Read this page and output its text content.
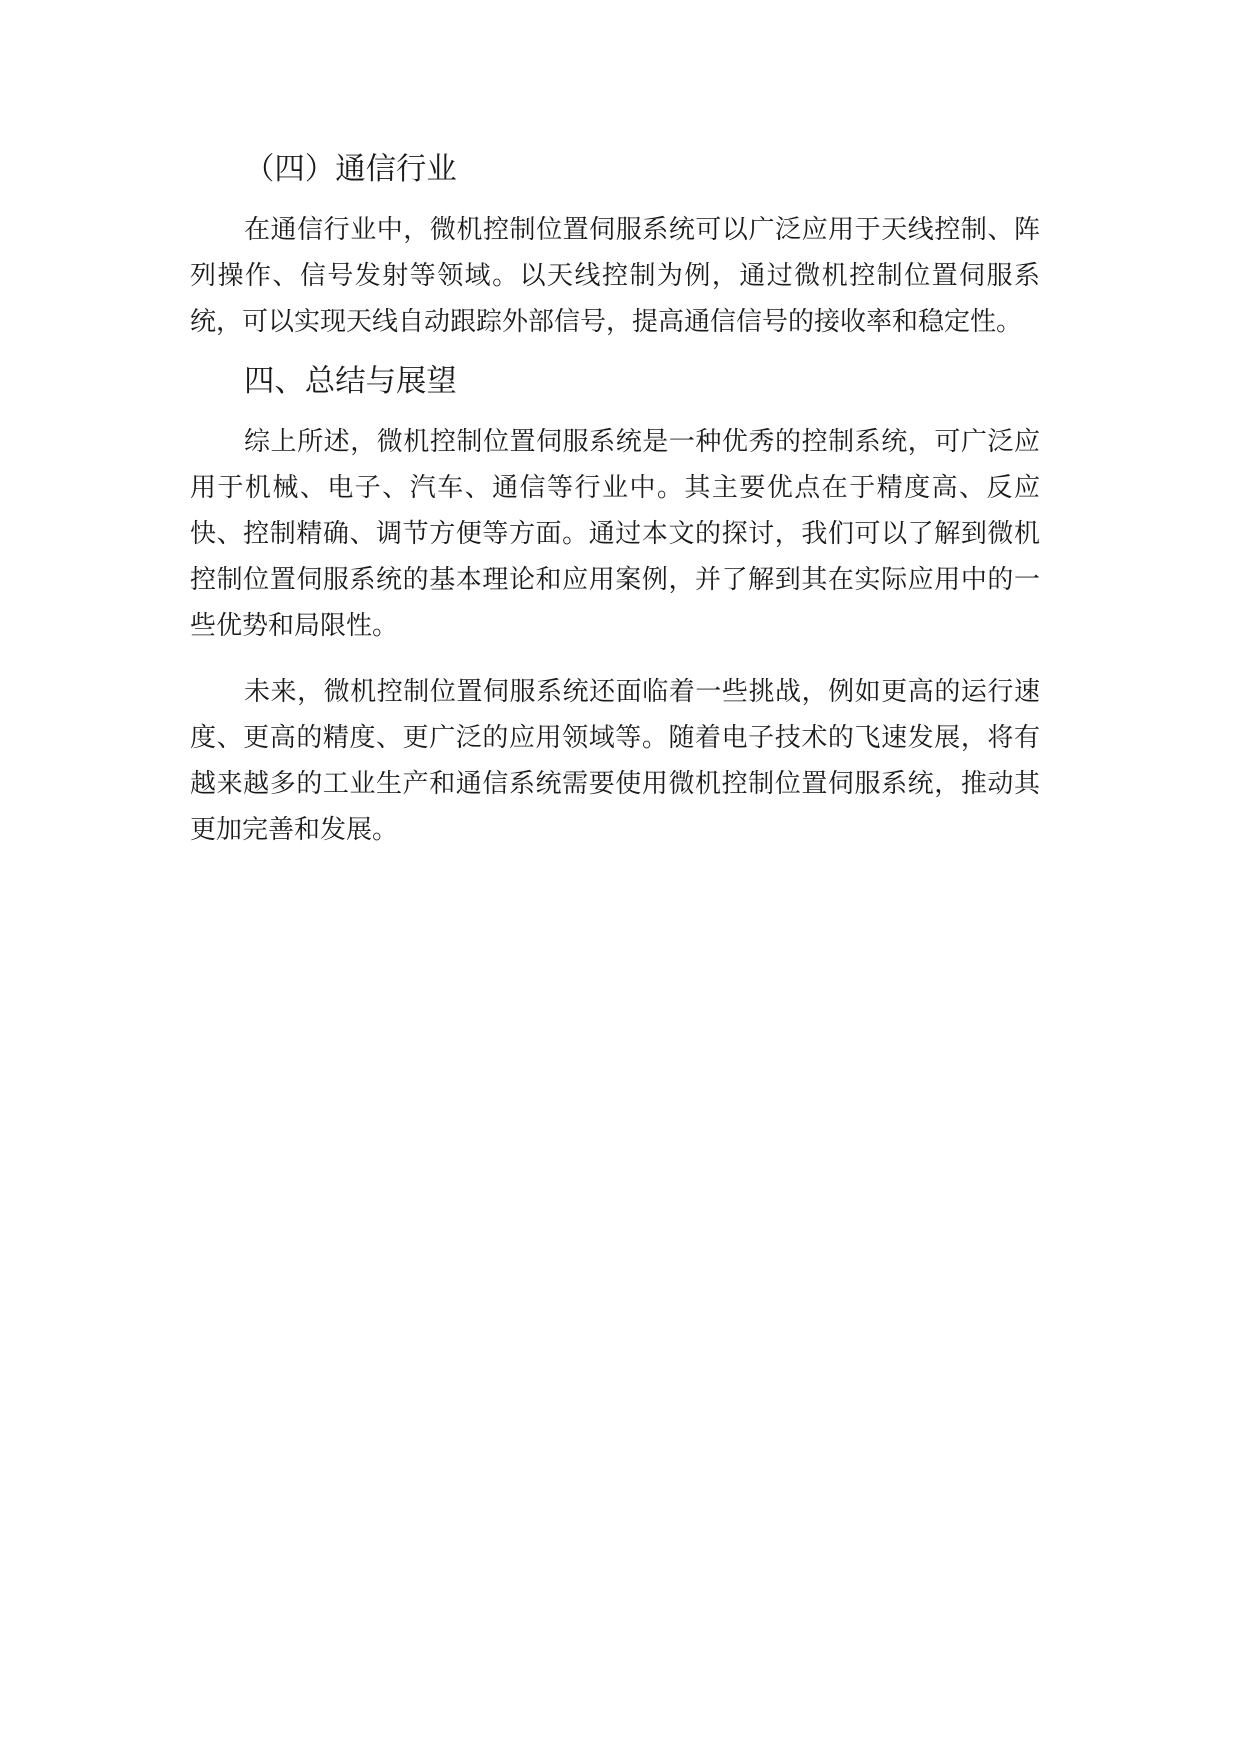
（四）通信行业

在通信行业中，微机控制位置伺服系统可以广泛应用于天线控制、阵列操作、信号发射等领域。以天线控制为例，通过微机控制位置伺服系统，可以实现天线自动跟踪外部信号，提高通信信号的接收率和稳定性。

四、总结与展望

综上所述，微机控制位置伺服系统是一种优秀的控制系统，可广泛应用于机械、电子、汽车、通信等行业中。其主要优点在于精度高、反应快、控制精确、调节方便等方面。通过本文的探讨，我们可以了解到微机控制位置伺服系统的基本理论和应用案例，并了解到其在实际应用中的一些优势和局限性。

未来，微机控制位置伺服系统还面临着一些挑战，例如更高的运行速度、更高的精度、更广泛的应用领域等。随着电子技术的飞速发展，将有越来越多的工业生产和通信系统需要使用微机控制位置伺服系统，推动其更加完善和发展。
